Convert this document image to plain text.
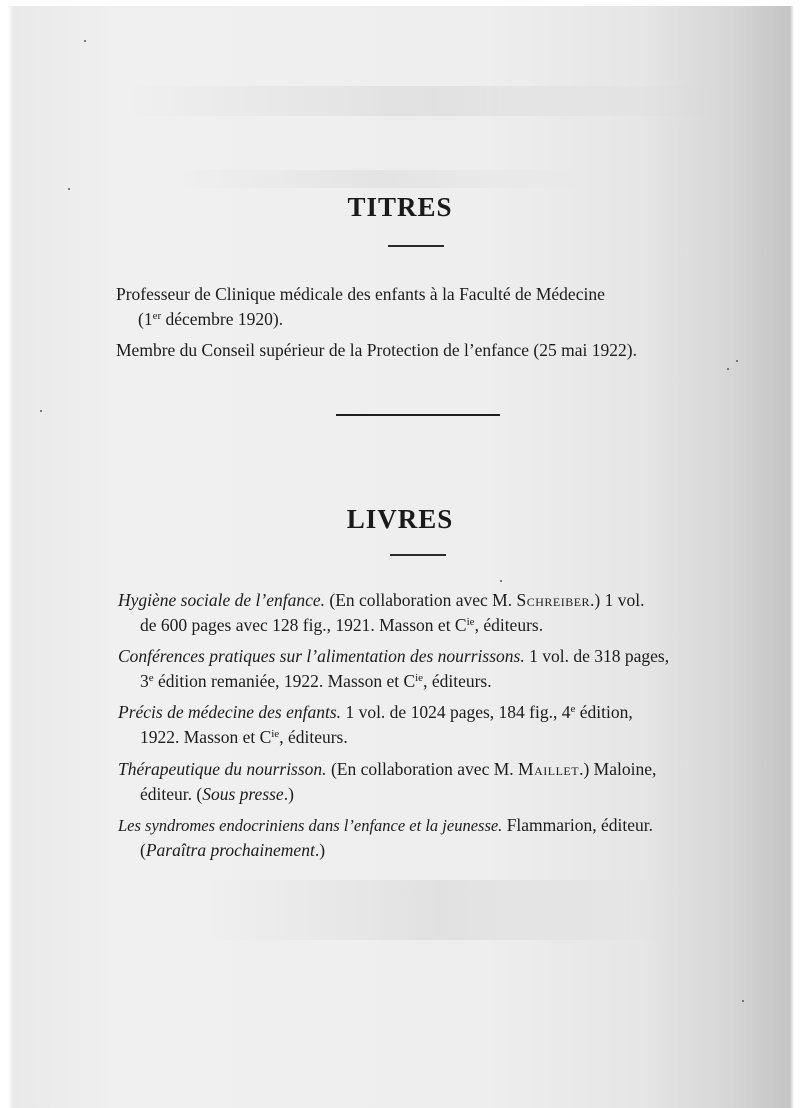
TITRES
Professeur de Clinique médicale des enfants à la Faculté de Médecine
(1er décembre 1920).
Membre du Conseil supérieur de la Protection de l’enfance (25 mai 1922).
LIVRES
Hygiène sociale de l’enfance. (En collaboration avec M. Schreiber.) 1 vol.
de 600 pages avec 128 fig., 1921. Masson et $C^{ie}$, éditeurs.
Conférences pratiques sur l’alimentation des nourrissons. 1 vol. de 318 pages,
3e édition remaniée, 1922. Masson et $C^{ie}$, éditeurs.
Précis de médecine des enfants. 1 vol. de 1024 pages, 184 fig., 4e édition,
1922. Masson et $C^{ie}$, éditeurs.
Thérapeutique du nourrisson. (En collaboration avec M. Maillet.) Maloine,
éditeur. (Sous presse.)
Les syndromes endocriniens dans l’enfance et la jeunesse. Flammarion, éditeur.
(Paraîtra prochainement.)
